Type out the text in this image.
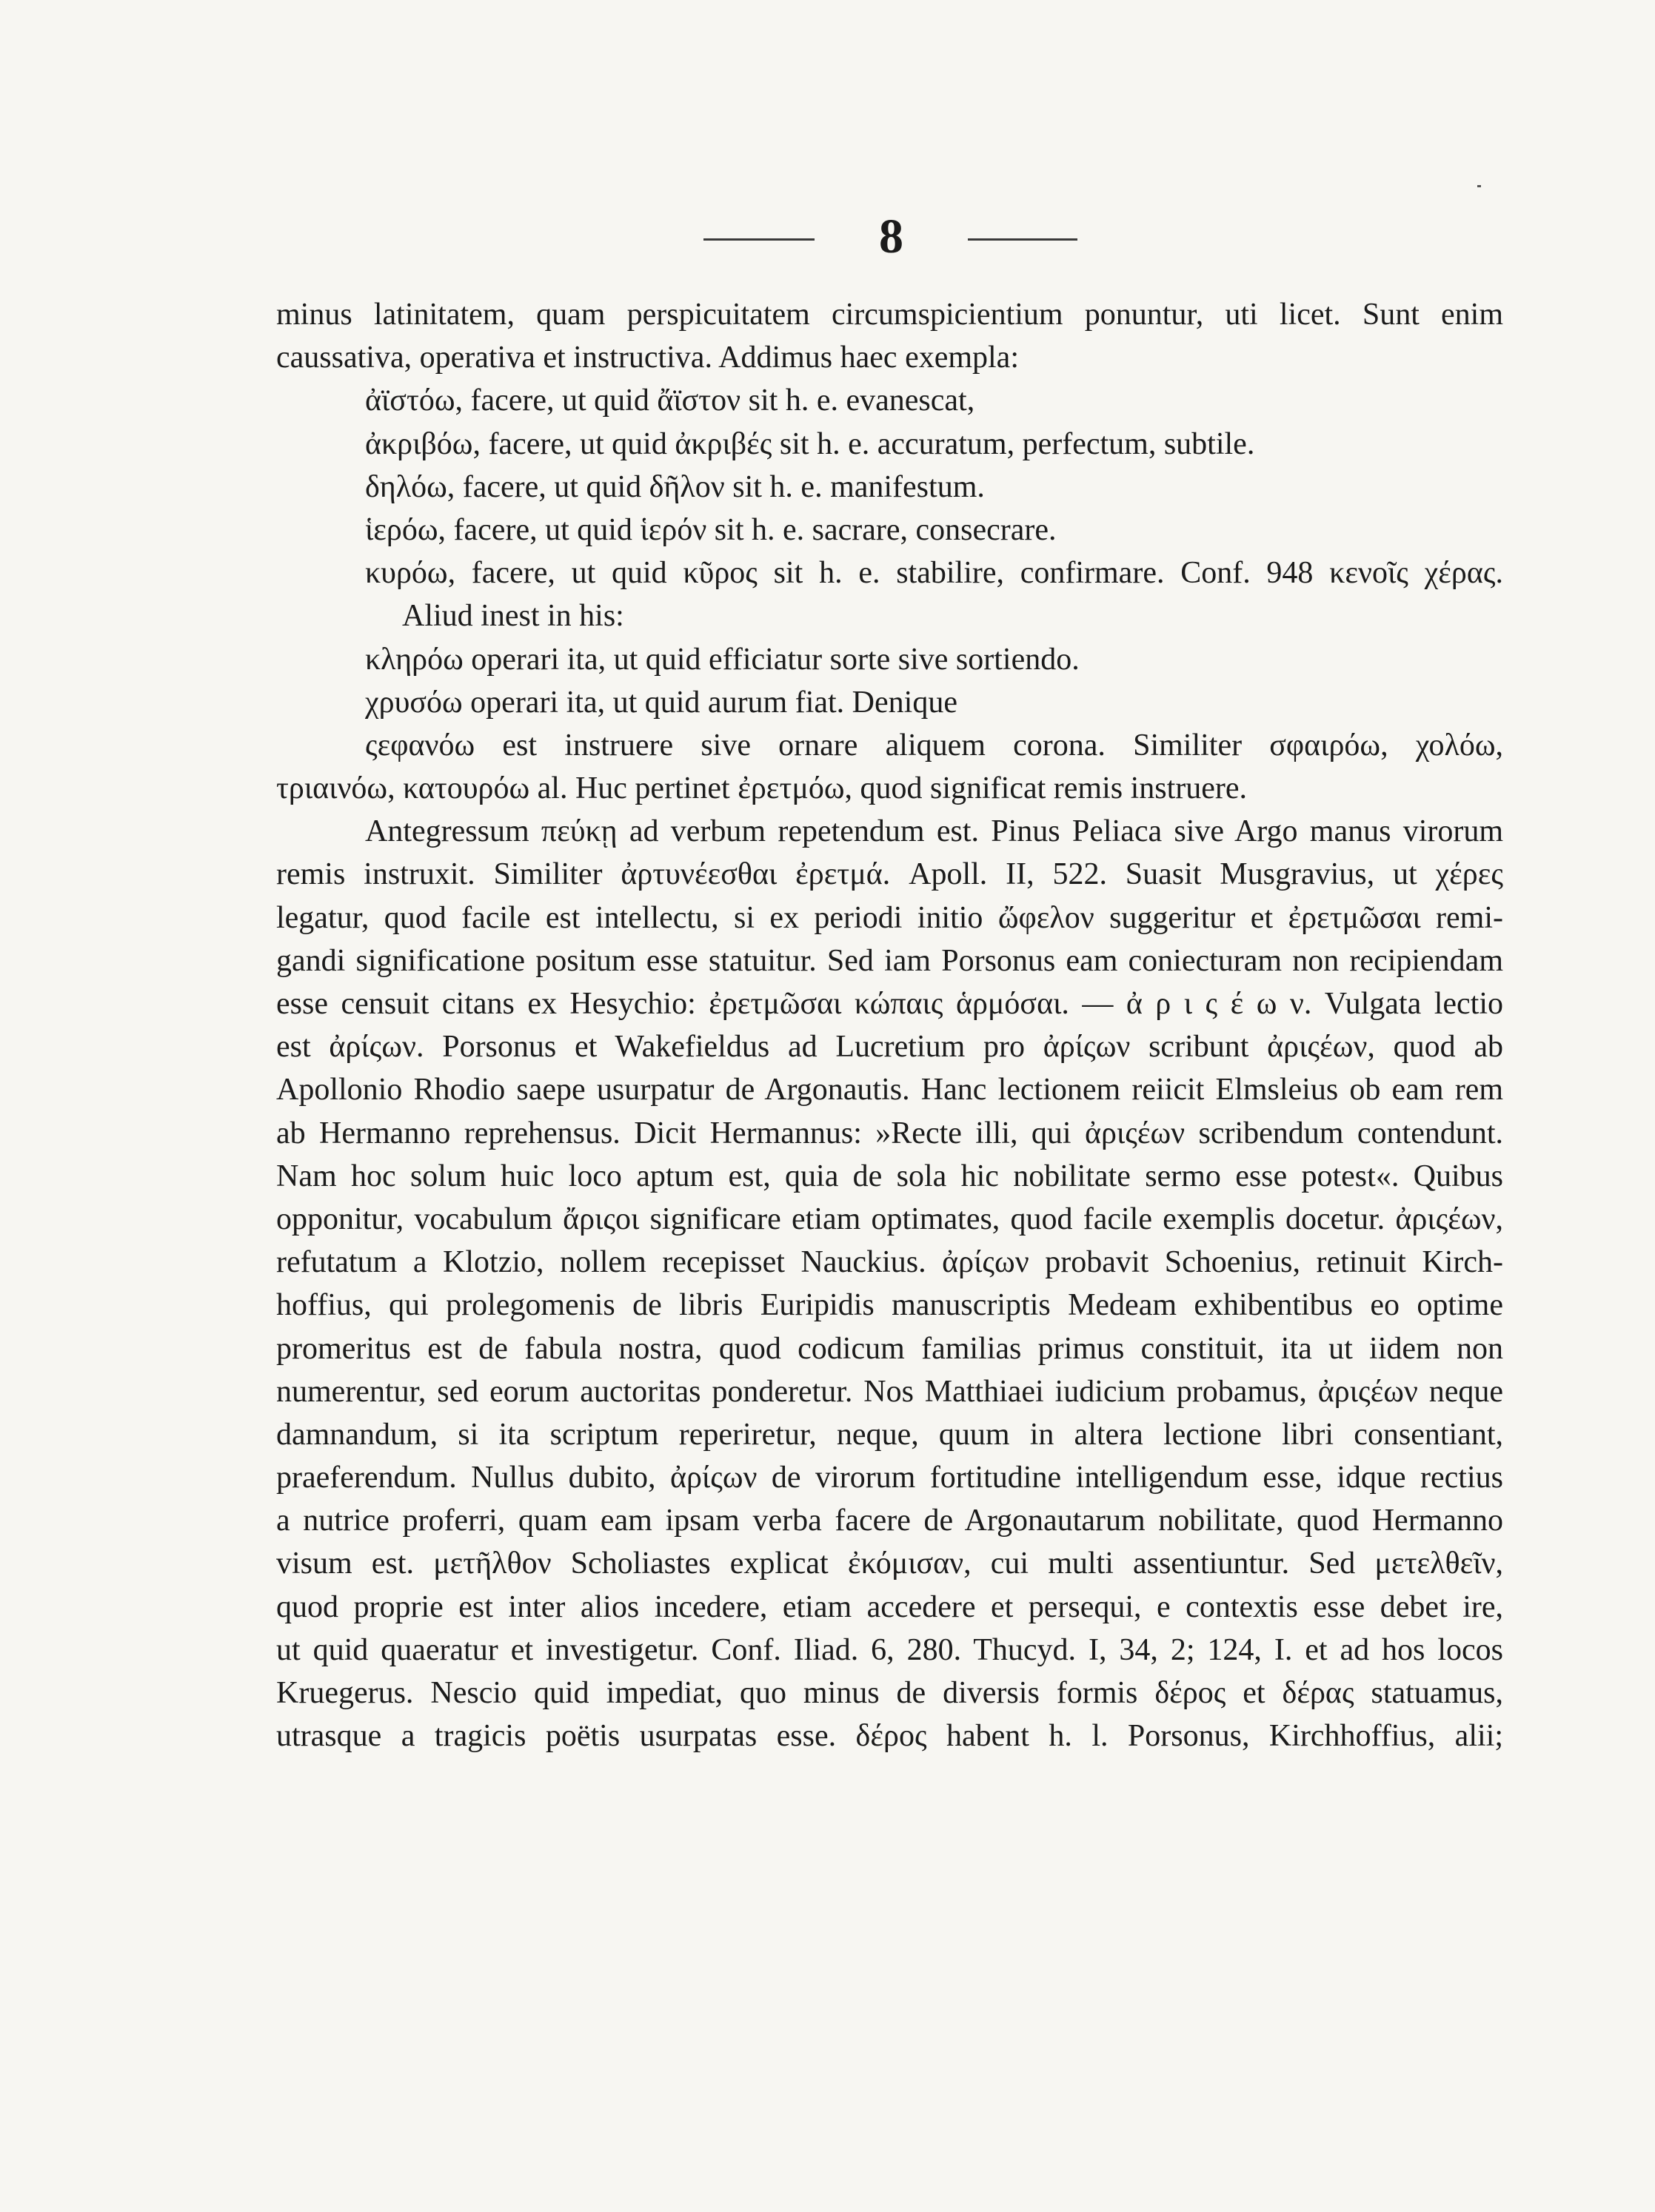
8
minus latinitatem, quam perspicuitatem circumspicientium ponuntur, uti licet. Sunt enim
caussativa, operativa et instructiva. Addimus haec exempla:
ἀϊστόω, facere, ut quid ἄϊστον sit h. e. evanescat,
ἀκριβόω, facere, ut quid ἀκριβές sit h. e. accuratum, perfectum, subtile.
δηλόω, facere, ut quid δῆλον sit h. e. manifestum.
ἱερόω, facere, ut quid ἱερόν sit h. e. sacrare, consecrare.
κυρόω, facere, ut quid κῦρος sit h. e. stabilire, confirmare. Conf. 948 κενοῖς χέρας.
Aliud inest in his:
κληρόω operari ita, ut quid efficiatur sorte sive sortiendo.
χρυσόω operari ita, ut quid aurum fiat. Denique
ςεφανόω est instruere sive ornare aliquem corona. Similiter σφαιρόω, χολόω,
τριαινόω, κατουρόω al. Huc pertinet ἐρετμόω, quod significat remis instruere.
Antegressum πεύκῃ ad verbum repetendum est. Pinus Peliaca sive Argo manus virorum
remis instruxit. Similiter ἀρτυνέεσθαι ἐρετμά. Apoll. II, 522. Suasit Musgravius, ut χέρες
legatur, quod facile est intellectu, si ex periodi initio ὤφελον suggeritur et ἐρετμῶσαι remi-
gandi significatione positum esse statuitur. Sed iam Porsonus eam coniecturam non recipiendam
esse censuit citans ex Hesychio: ἐρετμῶσαι κώπαις ἁρμόσαι. — ἀ ρ ι ς έ ω ν. Vulgata lectio
est ἀρίςων. Porsonus et Wakefieldus ad Lucretium pro ἀρίςων scribunt ἀριςέων, quod ab
Apollonio Rhodio saepe usurpatur de Argonautis. Hanc lectionem reiicit Elmsleius ob eam rem
ab Hermanno reprehensus. Dicit Hermannus: »Recte illi, qui ἀριςέων scribendum contendunt.
Nam hoc solum huic loco aptum est, quia de sola hic nobilitate sermo esse potest«. Quibus
opponitur, vocabulum ἄριςοι significare etiam optimates, quod facile exemplis docetur. ἀριςέων,
refutatum a Klotzio, nollem recepisset Nauckius. ἀρίςων probavit Schoenius, retinuit Kirch-
hoffius, qui prolegomenis de libris Euripidis manuscriptis Medeam exhibentibus eo optime
promeritus est de fabula nostra, quod codicum familias primus constituit, ita ut iidem non
numerentur, sed eorum auctoritas ponderetur. Nos Matthiaei iudicium probamus, ἀριςέων neque
damnandum, si ita scriptum reperiretur, neque, quum in altera lectione libri consentiant,
praeferendum. Nullus dubito, ἀρίςων de virorum fortitudine intelligendum esse, idque rectius
a nutrice proferri, quam eam ipsam verba facere de Argonautarum nobilitate, quod Hermanno
visum est. μετῆλθον Scholiastes explicat ἐκόμισαν, cui multi assentiuntur. Sed μετελθεῖν,
quod proprie est inter alios incedere, etiam accedere et persequi, e contextis esse debet ire,
ut quid quaeratur et investigetur. Conf. Iliad. 6, 280. Thucyd. I, 34, 2; 124, I. et ad hos locos
Kruegerus. Nescio quid impediat, quo minus de diversis formis δέρος et δέρας statuamus,
utrasque a tragicis poëtis usurpatas esse. δέρος habent h. l. Porsonus, Kirchhoffius, alii;
